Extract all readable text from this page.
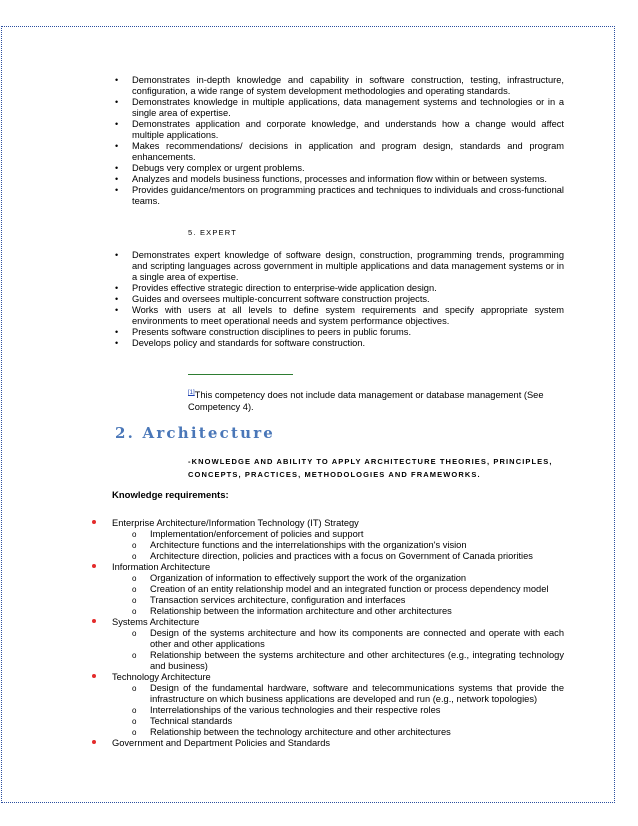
• Demonstrates in-depth knowledge and capability in software construction, testing, infrastructure, configuration, a wide range of system development methodologies and operating standards.
• Demonstrates knowledge in multiple applications, data management systems and technologies or in a single area of expertise.
• Demonstrates application and corporate knowledge, and understands how a change would affect multiple applications.
• Makes recommendations/ decisions in application and program design, standards and program enhancements.
• Debugs very complex or urgent problems.
• Analyzes and models business functions, processes and information flow within or between systems.
• Provides guidance/mentors on programming practices and techniques to individuals and cross-functional teams.
5. EXPERT
• Demonstrates expert knowledge of software design, construction, programming trends, programming and scripting languages across government in multiple applications and data management systems or in a single area of expertise.
• Provides effective strategic direction to enterprise-wide application design.
• Guides and oversees multiple-concurrent software construction projects.
• Works with users at all levels to define system requirements and specify appropriate system environments to meet operational needs and system performance objectives.
• Presents software construction disciplines to peers in public forums.
• Develops policy and standards for software construction.
[1]This competency does not include data management or database management (See Competency 4).
2. Architecture
-KNOWLEDGE AND ABILITY TO APPLY ARCHITECTURE THEORIES, PRINCIPLES, CONCEPTS, PRACTICES, METHODOLOGIES AND FRAMEWORKS.
Knowledge requirements:
Enterprise Architecture/Information Technology (IT) Strategy
o Implementation/enforcement of policies and support
o Architecture functions and the interrelationships with the organization's vision
o Architecture direction, policies and practices with a focus on Government of Canada priorities
Information Architecture
o Organization of information to effectively support the work of the organization
o Creation of an entity relationship model and an integrated function or process dependency model
o Transaction services architecture, configuration and interfaces
o Relationship between the information architecture and other architectures
Systems Architecture
o Design of the systems architecture and how its components are connected and operate with each other and other applications
o Relationship between the systems architecture and other architectures (e.g., integrating technology and business)
Technology Architecture
o Design of the fundamental hardware, software and telecommunications systems that provide the infrastructure on which business applications are developed and run (e.g., network topologies)
o Interrelationships of the various technologies and their respective roles
o Technical standards
o Relationship between the technology architecture and other architectures
Government and Department Policies and Standards
